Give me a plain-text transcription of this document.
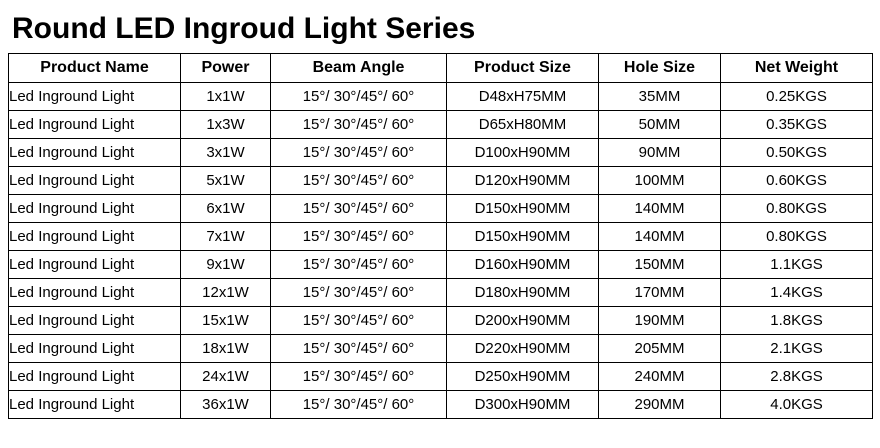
Round LED Ingroud Light Series
Product Name	Power	Beam Angle	Product Size	Hole Size	Net Weight
Led Inground Light	1x1W	15°/ 30°/45°/ 60°	D48xH75MM	35MM	0.25KGS
Led Inground Light	1x3W	15°/ 30°/45°/ 60°	D65xH80MM	50MM	0.35KGS
Led Inground Light	3x1W	15°/ 30°/45°/ 60°	D100xH90MM	90MM	0.50KGS
Led Inground Light	5x1W	15°/ 30°/45°/ 60°	D120xH90MM	100MM	0.60KGS
Led Inground Light	6x1W	15°/ 30°/45°/ 60°	D150xH90MM	140MM	0.80KGS
Led Inground Light	7x1W	15°/ 30°/45°/ 60°	D150xH90MM	140MM	0.80KGS
Led Inground Light	9x1W	15°/ 30°/45°/ 60°	D160xH90MM	150MM	1.1KGS
Led Inground Light	12x1W	15°/ 30°/45°/ 60°	D180xH90MM	170MM	1.4KGS
Led Inground Light	15x1W	15°/ 30°/45°/ 60°	D200xH90MM	190MM	1.8KGS
Led Inground Light	18x1W	15°/ 30°/45°/ 60°	D220xH90MM	205MM	2.1KGS
Led Inground Light	24x1W	15°/ 30°/45°/ 60°	D250xH90MM	240MM	2.8KGS
Led Inground Light	36x1W	15°/ 30°/45°/ 60°	D300xH90MM	290MM	4.0KGS
